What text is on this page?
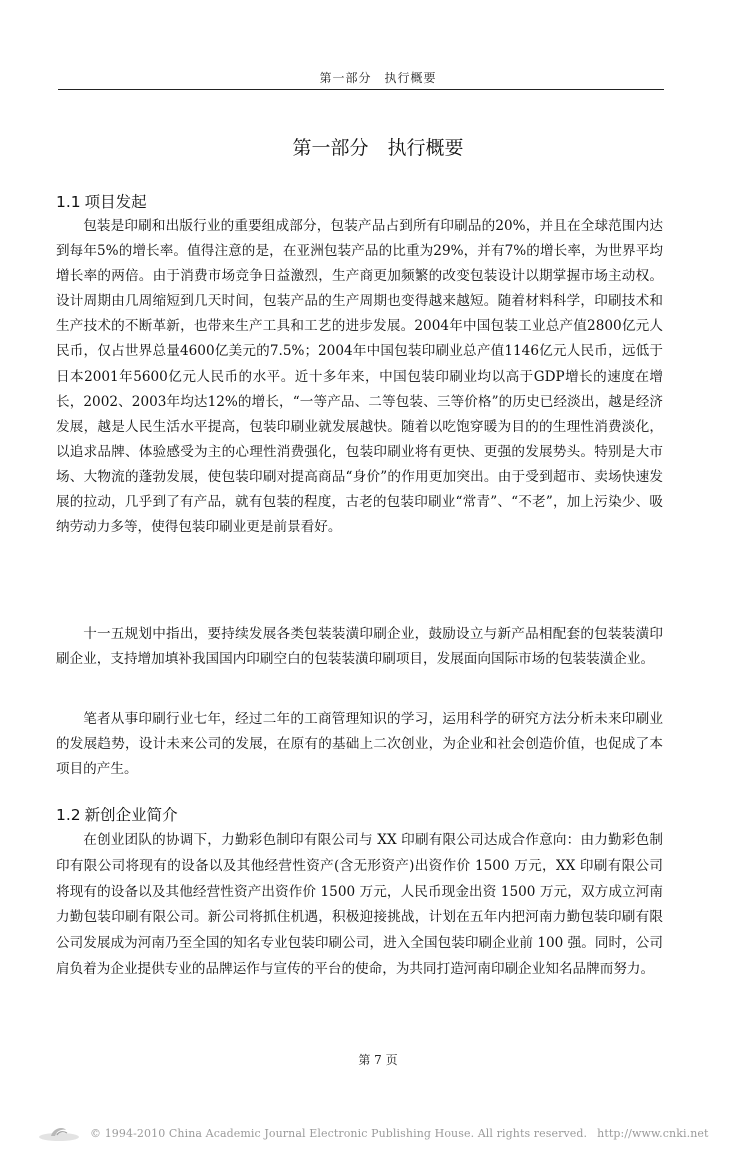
第一部分　执行概要
第一部分　执行概要
1.1 项目发起

包装是印刷和出版行业的重要组成部分，包装产品占到所有印刷品的20%，并且在全球范围内达到每年5%的增长率。值得注意的是，在亚洲包装产品的比重为29%，并有7%的增长率，为世界平均增长率的两倍。由于消费市场竞争日益激烈，生产商更加频繁的改变包装设计以期掌握市场主动权。设计周期由几周缩短到几天时间，包装产品的生产周期也变得越来越短。随着材料科学，印刷技术和生产技术的不断革新，也带来生产工具和工艺的进步发展。2004年中国包装工业总产值2800亿元人民币，仅占世界总量4600亿美元的7.5%；2004年中国包装印刷业总产值1146亿元人民币，远低于日本2001年5600亿元人民币的水平。近十多年来，中国包装印刷业均以高于GDP增长的速度在增长，2002、2003年均达12%的增长，“一等产品、二等包装、三等价格”的历史已经淡出，越是经济发展，越是人民生活水平提高，包装印刷业就发展越快。随着以吃饱穿暖为目的的生理性消费淡化，以追求品牌、体验感受为主的心理性消费强化，包装印刷业将有更快、更强的发展势头。特别是大市场、大物流的蓬勃发展，使包装印刷对提高商品“身价”的作用更加突出。由于受到超市、卖场快速发展的拉动，几乎到了有产品，就有包装的程度，古老的包装印刷业“常青”、“不老”，加上污染少、吸纳劳动力多等，使得包装印刷业更是前景看好。

十一五规划中指出，要持续发展各类包装装潢印刷企业，鼓励设立与新产品相配套的包装装潢印刷企业，支持增加填补我国国内印刷空白的包装装潢印刷项目，发展面向国际市场的包装装潢企业。

笔者从事印刷行业七年，经过二年的工商管理知识的学习，运用科学的研究方法分析未来印刷业的发展趋势，设计未来公司的发展，在原有的基础上二次创业，为企业和社会创造价值，也促成了本项目的产生。

1.2 新创企业简介

在创业团队的协调下，力勤彩色制印有限公司与 XX 印刷有限公司达成合作意向：由力勤彩色制印有限公司将现有的设备以及其他经营性资产(含无形资产)出资作价 1500 万元，XX 印刷有限公司将现有的设备以及其他经营性资产出资作价 1500 万元，人民币现金出资 1500 万元，双方成立河南力勤包装印刷有限公司。新公司将抓住机遇，积极迎接挑战，计划在五年内把河南力勤包装印刷有限公司发展成为河南乃至全国的知名专业包装印刷公司，进入全国包装印刷企业前 100 强。同时，公司肩负着为企业提供专业的品牌运作与宣传的平台的使命，为共同打造河南印刷企业知名品牌而努力。

第 7 页
© 1994-2010 China Academic Journal Electronic Publishing House. All rights reserved. http://www.cnki.net
